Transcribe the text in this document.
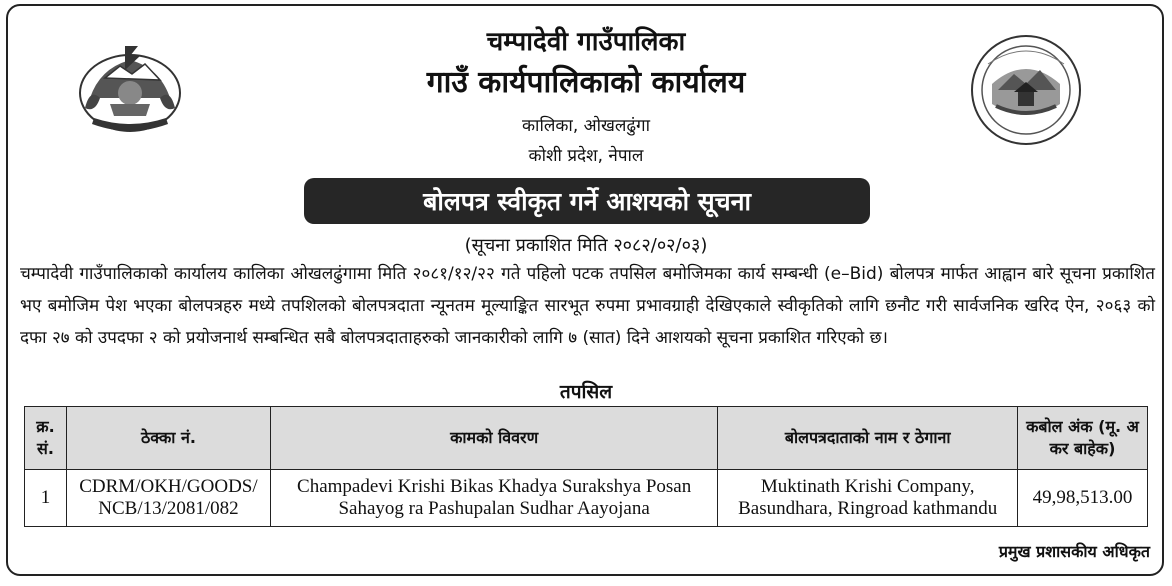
चम्पादेवी गाउँपालिका
गाउँ कार्यपालिकाको कार्यालय
कालिका, ओखलढुंगा
कोशी प्रदेश, नेपाल
बोलपत्र स्वीकृत गर्ने आशयको सूचना
(सूचना प्रकाशित मिति २०८२/०२/०३)
चम्पादेवी गाउँपालिकाको कार्यालय कालिका ओखलढुंगामा मिति २०८१/१२/२२ गते पहिलो पटक तपसिल बमोजिमका कार्य सम्बन्धी (e–Bid) बोलपत्र मार्फत आह्वान बारे सूचना प्रकाशित भए बमोजिम पेश भएका बोलपत्रहरु मध्ये तपशिलको बोलपत्रदाता न्यूनतम मूल्याङ्कित सारभूत रुपमा प्रभावग्राही देखिएकाले स्वीकृतिको लागि छनौट गरी सार्वजनिक खरिद ऐन, २०६३ को दफा २७ को उपदफा २ को प्रयोजनार्थ सम्बन्धित सबै बोलपत्रदाताहरुको जानकारीको लागि ७ (सात) दिने आशयको सूचना प्रकाशित गरिएको छ।
तपसिल
क्र. सं.	ठेक्का नं.	कामको विवरण	बोलपत्रदाताको नाम र ठेगाना	कबोल अंक (मू. अ कर बाहेक)
1	CDRM/OKH/GOODS/ NCB/13/2081/082	Champadevi Krishi Bikas Khadya Surakshya Posan Sahayog ra Pashupalan Sudhar Aayojana	Muktinath Krishi Company, Basundhara, Ringroad kathmandu	49,98,513.00
प्रमुख प्रशासकीय अधिकृत
